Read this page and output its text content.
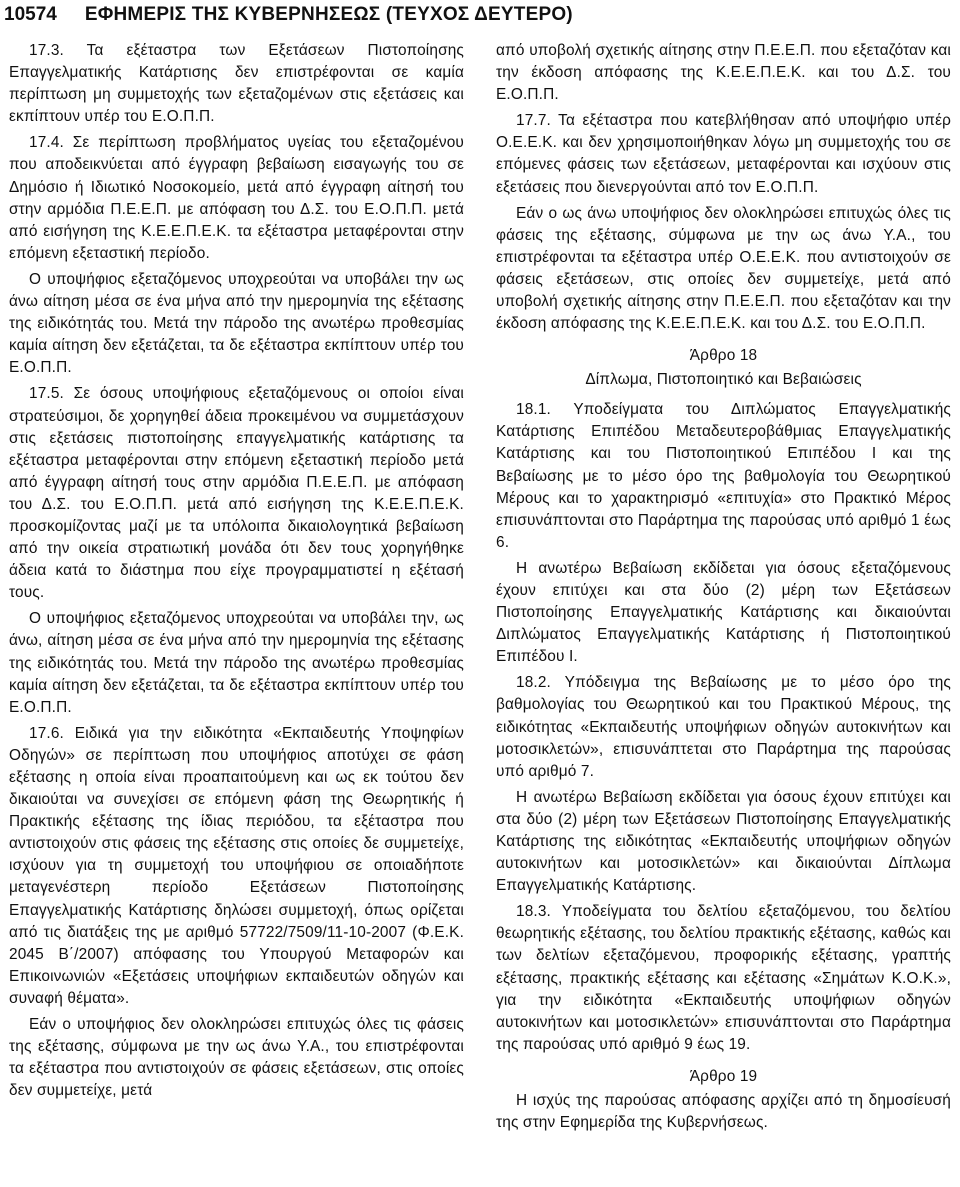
10574 ΕΦΗΜΕΡΙΣ ΤΗΣ ΚΥΒΕΡΝΗΣΕΩΣ (ΤΕΥΧΟΣ ΔΕΥΤΕΡΟ)

17.3. Τα εξέταστρα των Εξετάσεων Πιστοποίησης Επαγγελματικής Κατάρτισης δεν επιστρέφονται σε καμία περίπτωση μη συμμετοχής των εξεταζομένων στις εξετάσεις και εκπίπτουν υπέρ του Ε.Ο.Π.Π.

17.4. Σε περίπτωση προβλήματος υγείας του εξεταζομένου που αποδεικνύεται από έγγραφη βεβαίωση εισαγωγής του σε Δημόσιο ή Ιδιωτικό Νοσοκομείο, μετά από έγγραφη αίτησή του στην αρμόδια Π.Ε.Ε.Π. με απόφαση του Δ.Σ. του Ε.Ο.Π.Π. μετά από εισήγηση της Κ.Ε.Ε.Π.Ε.Κ. τα εξέταστρα μεταφέρονται στην επόμενη εξεταστική περίοδο.

Ο υποψήφιος εξεταζόμενος υποχρεούται να υποβάλει την ως άνω αίτηση μέσα σε ένα μήνα από την ημερομηνία της εξέτασης της ειδικότητάς του. Μετά την πάροδο της ανωτέρω προθεσμίας καμία αίτηση δεν εξετάζεται, τα δε εξέταστρα εκπίπτουν υπέρ του Ε.Ο.Π.Π.

17.5. Σε όσους υποψήφιους εξεταζόμενους οι οποίοι είναι στρατεύσιμοι, δε χορηγηθεί άδεια προκειμένου να συμμετάσχουν στις εξετάσεις πιστοποίησης επαγγελματικής κατάρτισης τα εξέταστρα μεταφέρονται στην επόμενη εξεταστική περίοδο μετά από έγγραφη αίτησή τους στην αρμόδια Π.Ε.Ε.Π. με απόφαση του Δ.Σ. του Ε.Ο.Π.Π. μετά από εισήγηση της Κ.Ε.Ε.Π.Ε.Κ. προσκομίζοντας μαζί με τα υπόλοιπα δικαιολογητικά βεβαίωση από την οικεία στρατιωτική μονάδα ότι δεν τους χορηγήθηκε άδεια κατά το διάστημα που είχε προγραμματιστεί η εξέτασή τους.

Ο υποψήφιος εξεταζόμενος υποχρεούται να υποβάλει την, ως άνω, αίτηση μέσα σε ένα μήνα από την ημερομηνία της εξέτασης της ειδικότητάς του. Μετά την πάροδο της ανωτέρω προθεσμίας καμία αίτηση δεν εξετάζεται, τα δε εξέταστρα εκπίπτουν υπέρ του Ε.Ο.Π.Π.

17.6. Ειδικά για την ειδικότητα «Εκπαιδευτής Υποψηφίων Οδηγών» σε περίπτωση που υποψήφιος αποτύχει σε φάση εξέτασης η οποία είναι προαπαιτούμενη και ως εκ τούτου δεν δικαιούται να συνεχίσει σε επόμενη φάση της Θεωρητικής ή Πρακτικής εξέτασης της ίδιας περιόδου, τα εξέταστρα που αντιστοιχούν στις φάσεις της εξέτασης στις οποίες δε συμμετείχε, ισχύουν για τη συμμετοχή του υποψήφιου σε οποιαδήποτε μεταγενέστερη περίοδο Εξετάσεων Πιστοποίησης Επαγγελματικής Κατάρτισης δηλώσει συμμετοχή, όπως ορίζεται από τις διατάξεις της με αριθμό 57722/7509/11-10-2007 (Φ.Ε.Κ. 2045 Β΄/2007) απόφασης του Υπουργού Μεταφορών και Επικοινωνιών «Εξετάσεις υποψήφιων εκπαιδευτών οδηγών και συναφή θέματα».

Εάν ο υποψήφιος δεν ολοκληρώσει επιτυχώς όλες τις φάσεις της εξέτασης, σύμφωνα με την ως άνω Υ.Α., του επιστρέφονται τα εξέταστρα που αντιστοιχούν σε φάσεις εξετάσεων, στις οποίες δεν συμμετείχε, μετά

από υποβολή σχετικής αίτησης στην Π.Ε.Ε.Π. που εξεταζόταν και την έκδοση απόφασης της Κ.Ε.Ε.Π.Ε.Κ. και του Δ.Σ. του Ε.Ο.Π.Π.

17.7. Τα εξέταστρα που κατεβλήθησαν από υποψήφιο υπέρ Ο.Ε.Ε.Κ. και δεν χρησιμοποιήθηκαν λόγω μη συμμετοχής του σε επόμενες φάσεις των εξετάσεων, μεταφέρονται και ισχύουν στις εξετάσεις που διενεργούνται από τον Ε.Ο.Π.Π.

Εάν ο ως άνω υποψήφιος δεν ολοκληρώσει επιτυχώς όλες τις φάσεις της εξέτασης, σύμφωνα με την ως άνω Υ.Α., του επιστρέφονται τα εξέταστρα υπέρ Ο.Ε.Ε.Κ. που αντιστοιχούν σε φάσεις εξετάσεων, στις οποίες δεν συμμετείχε, μετά από υποβολή σχετικής αίτησης στην Π.Ε.Ε.Π. που εξεταζόταν και την έκδοση απόφασης της Κ.Ε.Ε.Π.Ε.Κ. και του Δ.Σ. του Ε.Ο.Π.Π.

Άρθρο 18
Δίπλωμα, Πιστοποιητικό και Βεβαιώσεις

18.1. Υποδείγματα του Διπλώματος Επαγγελματικής Κατάρτισης Επιπέδου Μεταδευτεροβάθμιας Επαγγελματικής Κατάρτισης και του Πιστοποιητικού Επιπέδου Ι και της Βεβαίωσης με το μέσο όρο της βαθμολογία του Θεωρητικού Μέρους και το χαρακτηρισμό «επιτυχία» στο Πρακτικό Μέρος επισυνάπτονται στο Παράρτημα της παρούσας υπό αριθμό 1 έως 6.

Η ανωτέρω Βεβαίωση εκδίδεται για όσους εξεταζόμενους έχουν επιτύχει και στα δύο (2) μέρη των Εξετάσεων Πιστοποίησης Επαγγελματικής Κατάρτισης και δικαιούνται Διπλώματος Επαγγελματικής Κατάρτισης ή Πιστοποιητικού Επιπέδου Ι.

18.2. Υπόδειγμα της Βεβαίωσης με το μέσο όρο της βαθμολογίας του Θεωρητικού και του Πρακτικού Μέρους, της ειδικότητας «Εκπαιδευτής υποψήφιων οδηγών αυτοκινήτων και μοτοσικλετών», επισυνάπτεται στο Παράρτημα της παρούσας υπό αριθμό 7.

Η ανωτέρω Βεβαίωση εκδίδεται για όσους έχουν επιτύχει και στα δύο (2) μέρη των Εξετάσεων Πιστοποίησης Επαγγελματικής Κατάρτισης της ειδικότητας «Εκπαιδευτής υποψήφιων οδηγών αυτοκινήτων και μοτοσικλετών» και δικαιούνται Δίπλωμα Επαγγελματικής Κατάρτισης.

18.3. Υποδείγματα του δελτίου εξεταζόμενου, του δελτίου θεωρητικής εξέτασης, του δελτίου πρακτικής εξέτασης, καθώς και των δελτίων εξεταζόμενου, προφορικής εξέτασης, γραπτής εξέτασης, πρακτικής εξέτασης και εξέτασης «Σημάτων Κ.Ο.Κ.», για την ειδικότητα «Εκπαιδευτής υποψήφιων οδηγών αυτοκινήτων και μοτοσικλετών» επισυνάπτονται στο Παράρτημα της παρούσας υπό αριθμό 9 έως 19.

Άρθρο 19

Η ισχύς της παρούσας απόφασης αρχίζει από τη δημοσίευσή της στην Εφημερίδα της Κυβερνήσεως.
